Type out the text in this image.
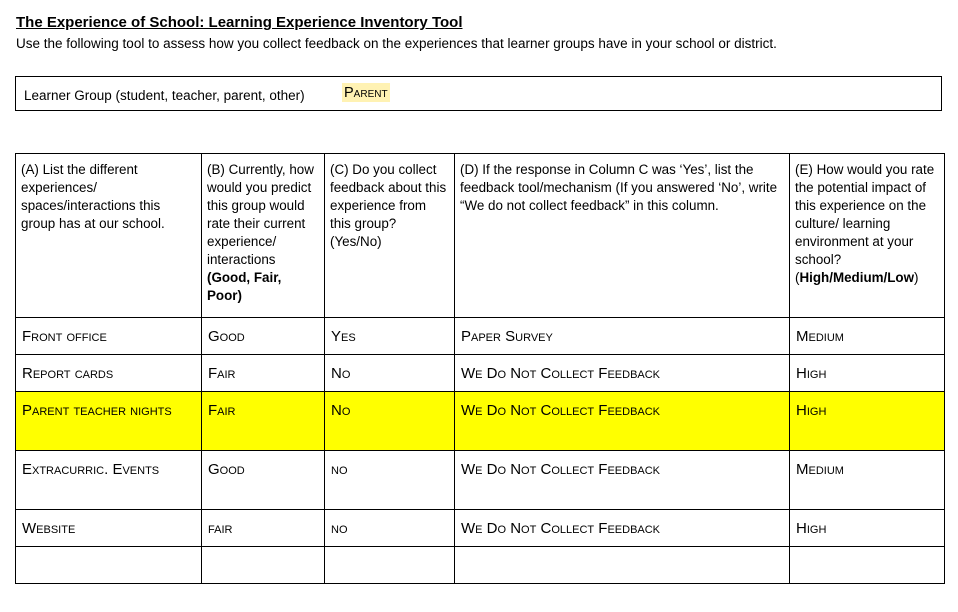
The Experience of School: Learning Experience Inventory Tool
Use the following tool to assess how you collect feedback on the experiences that learner groups have in your school or district.
Learner Group (student, teacher, parent, other)	Parent
(A) List the different experiences/ spaces/interactions this group has at our school.	(B) Currently, how would you predict this group would rate their current experience/ interactions (Good, Fair, Poor)	(C) Do you collect feedback about this experience from this group? (Yes/No)	(D) If the response in Column C was ‘Yes’, list the feedback tool/mechanism (If you answered ‘No’, write “We do not collect feedback” in this column.	(E) How would you rate the potential impact of this experience on the culture/ learning environment at your school? (High/Medium/Low)
Front office	Good	Yes	Paper Survey	Medium
Report cards	Fair	No	We Do Not Collect Feedback	High
Parent teacher nights	Fair	No	We Do Not Collect Feedback	High
Extracurric. Events	Good	no	We Do Not Collect Feedback	Medium
Website	fair	no	We Do Not Collect Feedback	High
